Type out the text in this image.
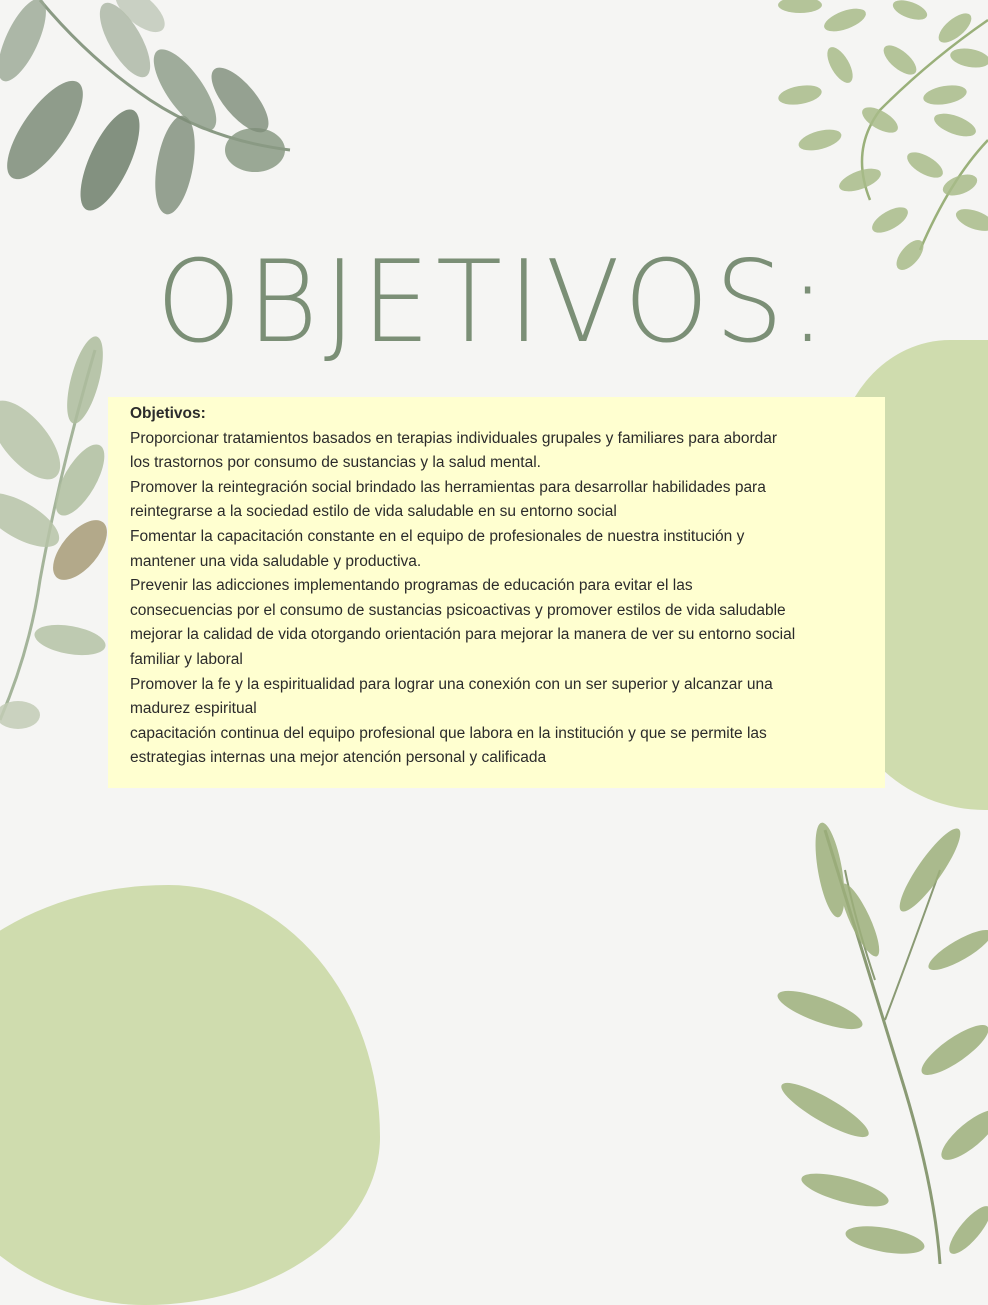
OBJETIVOS:
Objetivos:
Proporcionar tratamientos basados en terapias individuales grupales y familiares para abordar
los trastornos por consumo de sustancias y la salud mental.
Promover la reintegración social brindado las herramientas para desarrollar habilidades para
reintegrarse a la sociedad estilo de vida saludable en su entorno social
Fomentar la capacitación constante en el equipo de profesionales de nuestra institución y
mantener una vida saludable y productiva.
Prevenir las adicciones implementando programas de educación para evitar el las
consecuencias por el consumo de sustancias psicoactivas y promover estilos de vida saludable
mejorar la calidad de vida otorgando orientación para mejorar la manera de ver su entorno social
familiar y laboral
Promover la fe y la espiritualidad para lograr una conexión con un ser superior y alcanzar una
madurez espiritual
capacitación continua del equipo profesional que labora en la institución y que se permite las
estrategias internas una mejor atención personal y calificada
